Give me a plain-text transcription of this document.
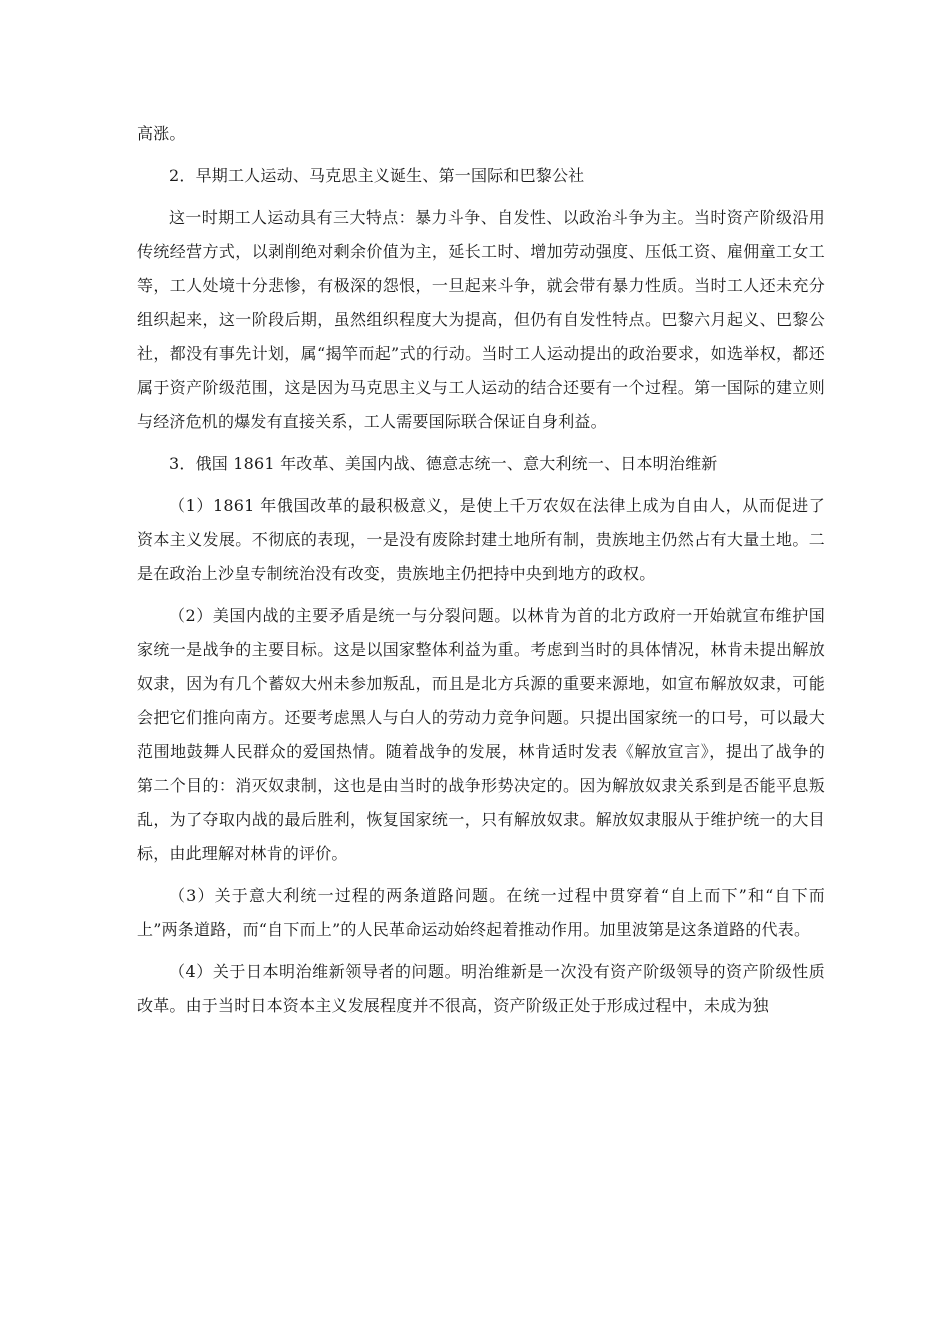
高涨。

2．早期工人运动、马克思主义诞生、第一国际和巴黎公社

这一时期工人运动具有三大特点：暴力斗争、自发性、以政治斗争为主。当时资产阶级沿用传统经营方式，以剥削绝对剩余价值为主，延长工时、增加劳动强度、压低工资、雇佣童工女工等，工人处境十分悲惨，有极深的怨恨，一旦起来斗争，就会带有暴力性质。当时工人还未充分组织起来，这一阶段后期，虽然组织程度大为提高，但仍有自发性特点。巴黎六月起义、巴黎公社，都没有事先计划，属“揭竿而起”式的行动。当时工人运动提出的政治要求，如选举权，都还属于资产阶级范围，这是因为马克思主义与工人运动的结合还要有一个过程。第一国际的建立则与经济危机的爆发有直接关系，工人需要国际联合保证自身利益。

3．俄国 1861 年改革、美国内战、德意志统一、意大利统一、日本明治维新

（1）1861 年俄国改革的最积极意义，是使上千万农奴在法律上成为自由人，从而促进了资本主义发展。不彻底的表现，一是没有废除封建土地所有制，贵族地主仍然占有大量土地。二是在政治上沙皇专制统治没有改变，贵族地主仍把持中央到地方的政权。

（2）美国内战的主要矛盾是统一与分裂问题。以林肯为首的北方政府一开始就宣布维护国家统一是战争的主要目标。这是以国家整体利益为重。考虑到当时的具体情况，林肯未提出解放奴隶，因为有几个蓄奴大州未参加叛乱，而且是北方兵源的重要来源地，如宣布解放奴隶，可能会把它们推向南方。还要考虑黑人与白人的劳动力竞争问题。只提出国家统一的口号，可以最大范围地鼓舞人民群众的爱国热情。随着战争的发展，林肯适时发表《解放宣言》，提出了战争的第二个目的：消灭奴隶制，这也是由当时的战争形势决定的。因为解放奴隶关系到是否能平息叛乱，为了夺取内战的最后胜利，恢复国家统一，只有解放奴隶。解放奴隶服从于维护统一的大目标，由此理解对林肯的评价。

（3）关于意大利统一过程的两条道路问题。在统一过程中贯穿着“自上而下”和“自下而上”两条道路，而“自下而上”的人民革命运动始终起着推动作用。加里波第是这条道路的代表。

（4）关于日本明治维新领导者的问题。明治维新是一次没有资产阶级领导的资产阶级性质改革。由于当时日本资本主义发展程度并不很高，资产阶级正处于形成过程中，未成为独
